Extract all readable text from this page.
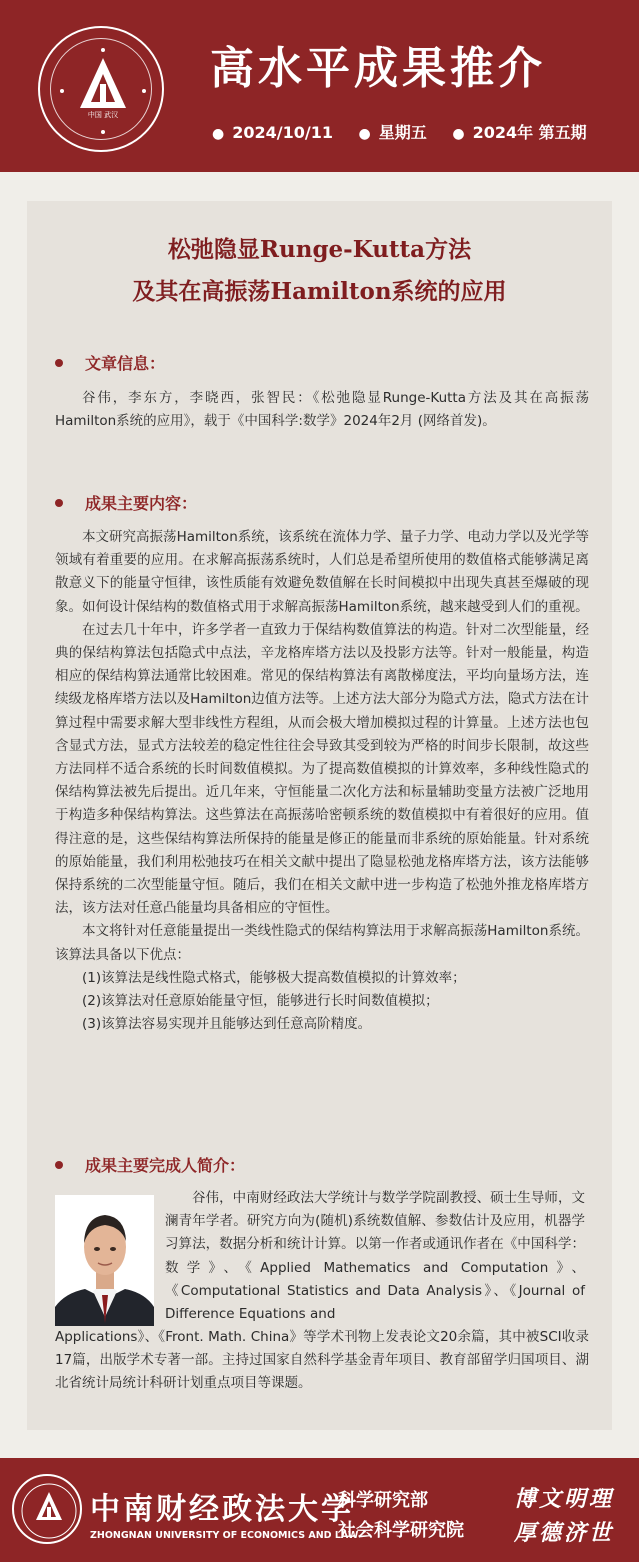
中国 武汉
高水平成果推介
● 2024/10/11 ● 星期五 ● 2024年 第五期
松弛隐显Runge-Kutta方法
及其在高振荡Hamilton系统的应用
文章信息：

谷伟，李东方，李晓西，张智民：《松弛隐显Runge-Kutta方法及其在高振荡Hamilton系统的应用》，载于《中国科学:数学》2024年2月 (网络首发)。

成果主要内容：

本文研究高振荡Hamilton系统，该系统在流体力学、量子力学、电动力学以及光学等领域有着重要的应用。在求解高振荡系统时，人们总是希望所使用的数值格式能够满足离散意义下的能量守恒律，该性质能有效避免数值解在长时间模拟中出现失真甚至爆破的现象。如何设计保结构的数值格式用于求解高振荡Hamilton系统，越来越受到人们的重视。

在过去几十年中，许多学者一直致力于保结构数值算法的构造。针对二次型能量，经典的保结构算法包括隐式中点法，辛龙格库塔方法以及投影方法等。针对一般能量，构造相应的保结构算法通常比较困难。常见的保结构算法有离散梯度法，平均向量场方法，连续级龙格库塔方法以及Hamilton边值方法等。上述方法大部分为隐式方法，隐式方法在计算过程中需要求解大型非线性方程组，从而会极大增加模拟过程的计算量。上述方法也包含显式方法，显式方法较差的稳定性往往会导致其受到较为严格的时间步长限制，故这些方法同样不适合系统的长时间数值模拟。为了提高数值模拟的计算效率，多种线性隐式的保结构算法被先后提出。近几年来，守恒能量二次化方法和标量辅助变量方法被广泛地用于构造多种保结构算法。这些算法在高振荡哈密顿系统的数值模拟中有着很好的应用。值得注意的是，这些保结构算法所保持的能量是修正的能量而非系统的原始能量。针对系统的原始能量，我们利用松弛技巧在相关文献中提出了隐显松弛龙格库塔方法，该方法能够保持系统的二次型能量守恒。随后，我们在相关文献中进一步构造了松弛外推龙格库塔方法，该方法对任意凸能量均具备相应的守恒性。

本文将针对任意能量提出一类线性隐式的保结构算法用于求解高振荡Hamilton系统。该算法具备以下优点：

(1)该算法是线性隐式格式，能够极大提高数值模拟的计算效率；

(2)该算法对任意原始能量守恒，能够进行长时间数值模拟；

(3)该算法容易实现并且能够达到任意高阶精度。

成果主要完成人简介：

谷伟，中南财经政法大学统计与数学学院副教授、硕士生导师，文澜青年学者。研究方向为(随机)系统数值解、参数估计及应用，机器学习算法，数据分析和统计计算。以第一作者或通讯作者在《中国科学：数学》、《Applied Mathematics and Computation》、《Computational Statistics and Data Analysis》、《Journal of Difference Equations and

Applications》、《Front. Math. China》等学术刊物上发表论文20余篇，其中被SCI收录17篇，出版学术专著一部。主持过国家自然科学基金青年项目、教育部留学归国项目、湖北省统计局统计科研计划重点项目等课题。

中南财经政法大学
ZHONGNAN UNIVERSITY OF ECONOMICS AND LAW
科学研究部
社会科学研究院
博文明理
厚德济世
